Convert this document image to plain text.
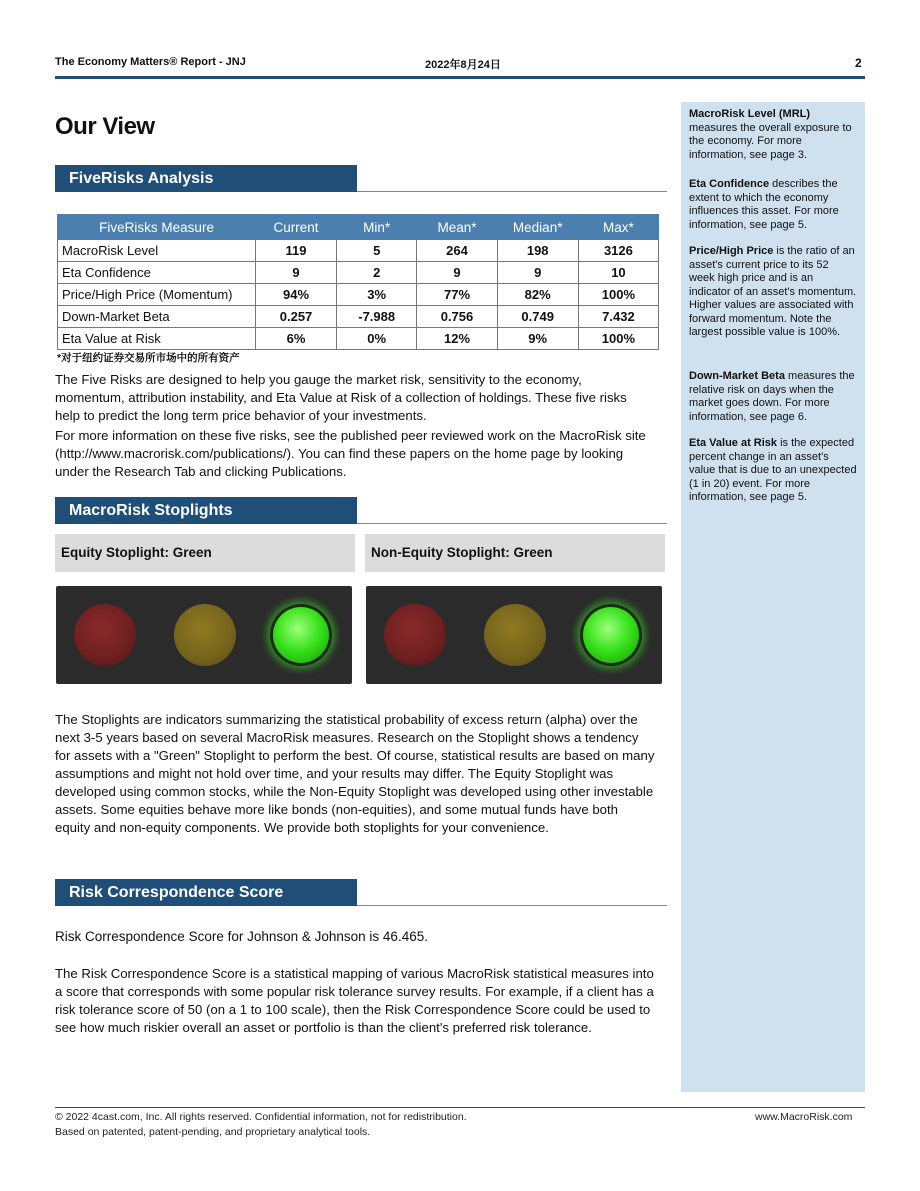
The Economy Matters® Report - JNJ	2022年8月24日	2
MacroRisk Level (MRL) measures the overall exposure to the economy. For more information, see page 3.
Eta Confidence describes the extent to which the economy influences this asset. For more information, see page 5.
Price/High Price is the ratio of an asset's current price to its 52 week high price and is an indicator of an asset's momentum. Higher values are associated with forward momentum. Note the largest possible value is 100%.
Down-Market Beta measures the relative risk on days when the market goes down. For more information, see page 6.
Eta Value at Risk is the expected percent change in an asset's value that is due to an unexpected (1 in 20) event. For more information, see page 5.
Our View
FiveRisks Analysis
FiveRisks Measure	Current	Min*	Mean*	Median*	Max*
MacroRisk Level	119	5	264	198	3126
Eta Confidence	9	2	9	9	10
Price/High Price (Momentum)	94%	3%	77%	82%	100%
Down-Market Beta	0.257	-7.988	0.756	0.749	7.432
Eta Value at Risk	6%	0%	12%	9%	100%
*对于纽约证券交易所市场中的所有资产
The Five Risks are designed to help you gauge the market risk, sensitivity to the economy, momentum, attribution instability, and Eta Value at Risk of a collection of holdings. These five risks help to predict the long term price behavior of your investments.
For more information on these five risks, see the published peer reviewed work on the MacroRisk site (http://www.macrorisk.com/publications/). You can find these papers on the home page by looking under the Research Tab and clicking Publications.
MacroRisk Stoplights
Equity Stoplight: Green	Non-Equity Stoplight: Green
The Stoplights are indicators summarizing the statistical probability of excess return (alpha) over the next 3-5 years based on several MacroRisk measures. Research on the Stoplight shows a tendency for assets with a "Green" Stoplight to perform the best. Of course, statistical results are based on many assumptions and might not hold over time, and your results may differ. The Equity Stoplight was developed using common stocks, while the Non-Equity Stoplight was developed using other investable assets. Some equities behave more like bonds (non-equities), and some mutual funds have both equity and non-equity components. We provide both stoplights for your convenience.
Risk Correspondence Score
Risk Correspondence Score for Johnson & Johnson is 46.465.
The Risk Correspondence Score is a statistical mapping of various MacroRisk statistical measures into a score that corresponds with some popular risk tolerance survey results. For example, if a client has a risk tolerance score of 50 (on a 1 to 100 scale), then the Risk Correspondence Score could be used to see how much riskier overall an asset or portfolio is than the client's preferred risk tolerance.
© 2022 4cast.com, Inc. All rights reserved. Confidential information, not for redistribution.
Based on patented, patent-pending, and proprietary analytical tools.
www.MacroRisk.com
